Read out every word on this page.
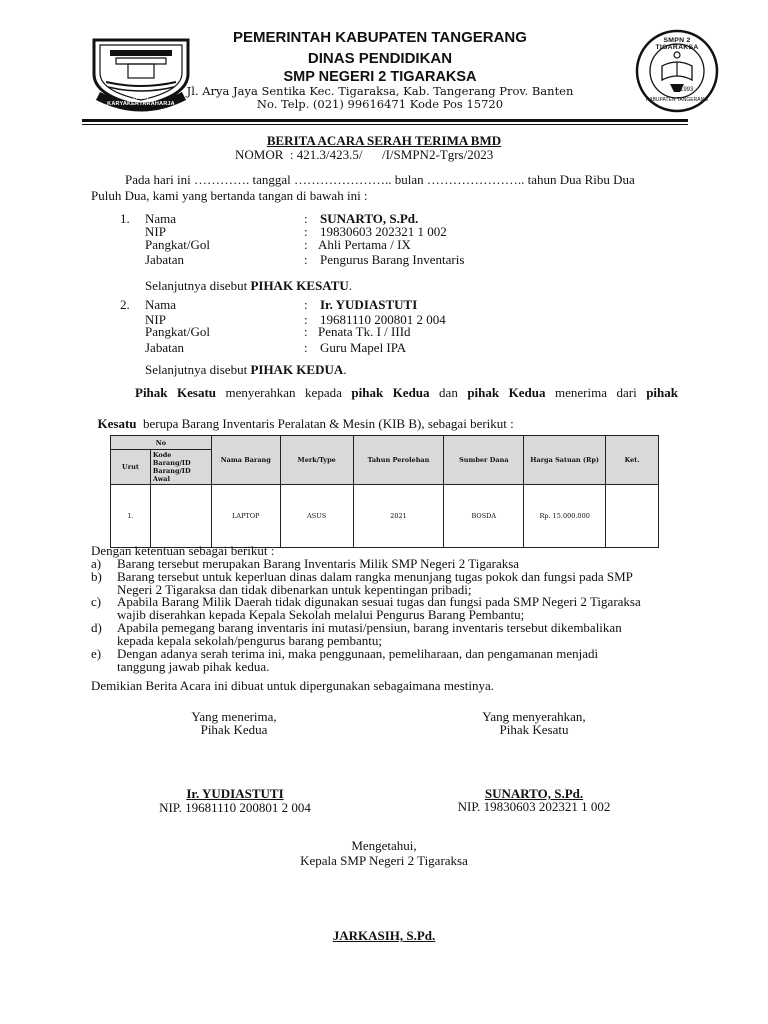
NATA KARYAKERTARAHARJA
PEMERINTAH KABUPATEN TANGERANG
DINAS PENDIDIKAN
SMP NEGERI 2 TIGARAKSA
Jl. Arya Jaya Sentika Kec. Tigaraksa, Kab. Tangerang Prov. Banten
No. Telp. (021) 99616471 Kode Pos 15720
SMPN 2 TIGARAKSA
1993
KABUPATEN TANGERANG
BERITA ACARA SERAH TERIMA BMD
NOMOR  : 421.3/423.5/      /I/SMPN2-Tgrs/2023
Pada hari ini …………. tanggal ………………….. bulan ………………….. tahun Dua Ribu Dua
Puluh Dua, kami yang bertanda tangan di bawah ini :
1. Nama	: SUNARTO, S.Pd.
NIP	: 19830603 202321 1 002
Pangkat/Gol	: Ahli Pertama / IX
Jabatan	: Pengurus Barang Inventaris
Selanjutnya disebut PIHAK KESATU.
2. Nama	: Ir. YUDIASTUTI
NIP	: 19681110 200801 2 004
Pangkat/Gol	: Penata Tk. I / IIId
Jabatan	: Guru Mapel IPA
Selanjutnya disebut PIHAK KEDUA.
Pihak Kesatu menyerahkan kepada pihak Kedua dan pihak Kedua menerima dari pihak

Kesatu  berupa Barang Inventaris Peralatan & Mesin (KIB B), sebagai berikut :

No		Nama Barang	Merk/Type	Tahun Perolehan	Sumber Dana	Harga Satuan (Rp)	Ket.
Urut	Kode Barang/ID Barang/ID Awal						
1.		LAPTOP	ASUS	2021	BOSDA	Rp. 15.000.000	
Dengan ketentuan sebagai berikut :
a) Barang tersebut merupakan Barang Inventaris Milik SMP Negeri 2 Tigaraksa
b) Barang tersebut untuk keperluan dinas dalam rangka menunjang tugas pokok dan fungsi pada SMP
Negeri 2 Tigaraksa dan tidak dibenarkan untuk kepentingan pribadi;
c) Apabila Barang Milik Daerah tidak digunakan sesuai tugas dan fungsi pada SMP Negeri 2 Tigaraksa
wajib diserahkan kepada Kepala Sekolah melalui Pengurus Barang Pembantu;
d) Apabila pemegang barang inventaris ini mutasi/pensiun, barang inventaris tersebut dikembalikan
kepada kepala sekolah/pengurus barang pembantu;
e) Dengan adanya serah terima ini, maka penggunaan, pemeliharaan, dan pengamanan menjadi
tanggung jawab pihak kedua.
Demikian Berita Acara ini dibuat untuk dipergunakan sebagaimana mestinya.
Yang menerima,
Pihak Kedua
Yang menyerahkan,
Pihak Kesatu
Ir. YUDIASTUTI
NIP. 19681110 200801 2 004
SUNARTO, S.Pd.
NIP. 19830603 202321 1 002
Mengetahui,
Kepala SMP Negeri 2 Tigaraksa
JARKASIH, S.Pd.
